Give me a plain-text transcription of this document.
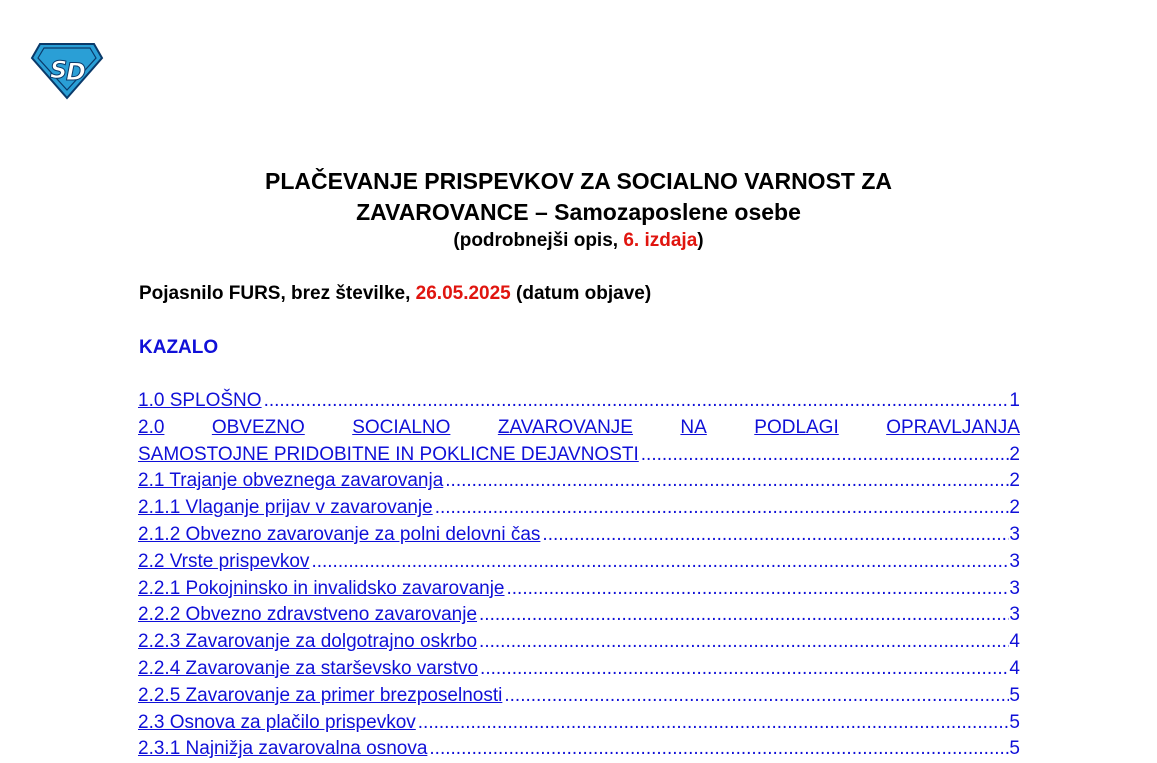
S
D
PLAČEVANJE PRISPEVKOV ZA SOCIALNO VARNOST ZA
ZAVAROVANCE – Samozaposlene osebe
(podrobnejši opis, 6. izdaja)
Pojasnilo FURS, brez številke, 26.05.2025 (datum objave)
KAZALO
1.0 SPLOŠNO .....	1
2.0 OBVEZNO SOCIALNO ZAVAROVANJE NA PODLAGI OPRAVLJANJA
SAMOSTOJNE PRIDOBITNE IN POKLICNE DEJAVNOSTI .....	2
2.1 Trajanje obveznega zavarovanja .....	2
2.1.1 Vlaganje prijav v zavarovanje .....	2
2.1.2 Obvezno zavarovanje za polni delovni čas .....	3
2.2 Vrste prispevkov .....	3
2.2.1 Pokojninsko in invalidsko zavarovanje .....	3
2.2.2 Obvezno zdravstveno zavarovanje .....	3
2.2.3 Zavarovanje za dolgotrajno oskrbo .....	4
2.2.4 Zavarovanje za starševsko varstvo .....	4
2.2.5 Zavarovanje za primer brezposelnosti .....	5
2.3 Osnova za plačilo prispevkov .....	5
2.3.1 Najnižja zavarovalna osnova .....	5
